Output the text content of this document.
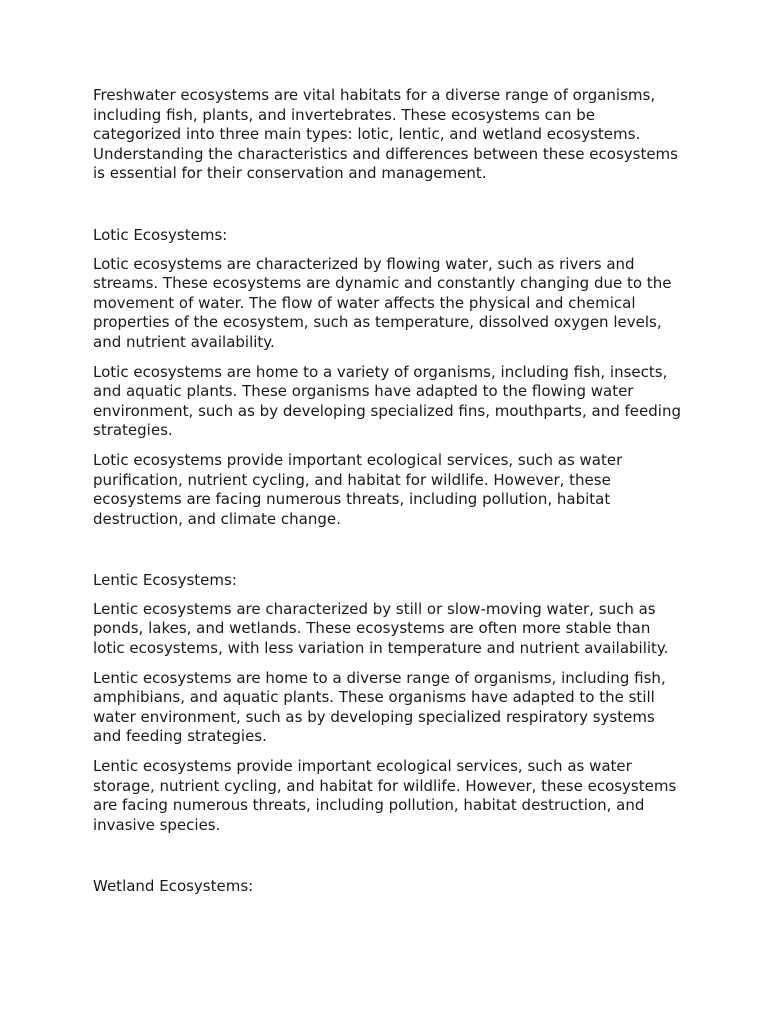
Freshwater ecosystems are vital habitats for a diverse range of organisms, including fish, plants, and invertebrates. These ecosystems can be categorized into three main types: lotic, lentic, and wetland ecosystems. Understanding the characteristics and differences between these ecosystems is essential for their conservation and management.

Lotic Ecosystems:

Lotic ecosystems are characterized by flowing water, such as rivers and streams. These ecosystems are dynamic and constantly changing due to the movement of water. The flow of water affects the physical and chemical properties of the ecosystem, such as temperature, dissolved oxygen levels, and nutrient availability.

Lotic ecosystems are home to a variety of organisms, including fish, insects, and aquatic plants. These organisms have adapted to the flowing water environment, such as by developing specialized fins, mouthparts, and feeding strategies.

Lotic ecosystems provide important ecological services, such as water purification, nutrient cycling, and habitat for wildlife. However, these ecosystems are facing numerous threats, including pollution, habitat destruction, and climate change.

Lentic Ecosystems:

Lentic ecosystems are characterized by still or slow-moving water, such as ponds, lakes, and wetlands. These ecosystems are often more stable than lotic ecosystems, with less variation in temperature and nutrient availability.

Lentic ecosystems are home to a diverse range of organisms, including fish, amphibians, and aquatic plants. These organisms have adapted to the still water environment, such as by developing specialized respiratory systems and feeding strategies.

Lentic ecosystems provide important ecological services, such as water storage, nutrient cycling, and habitat for wildlife. However, these ecosystems are facing numerous threats, including pollution, habitat destruction, and invasive species.

Wetland Ecosystems:
